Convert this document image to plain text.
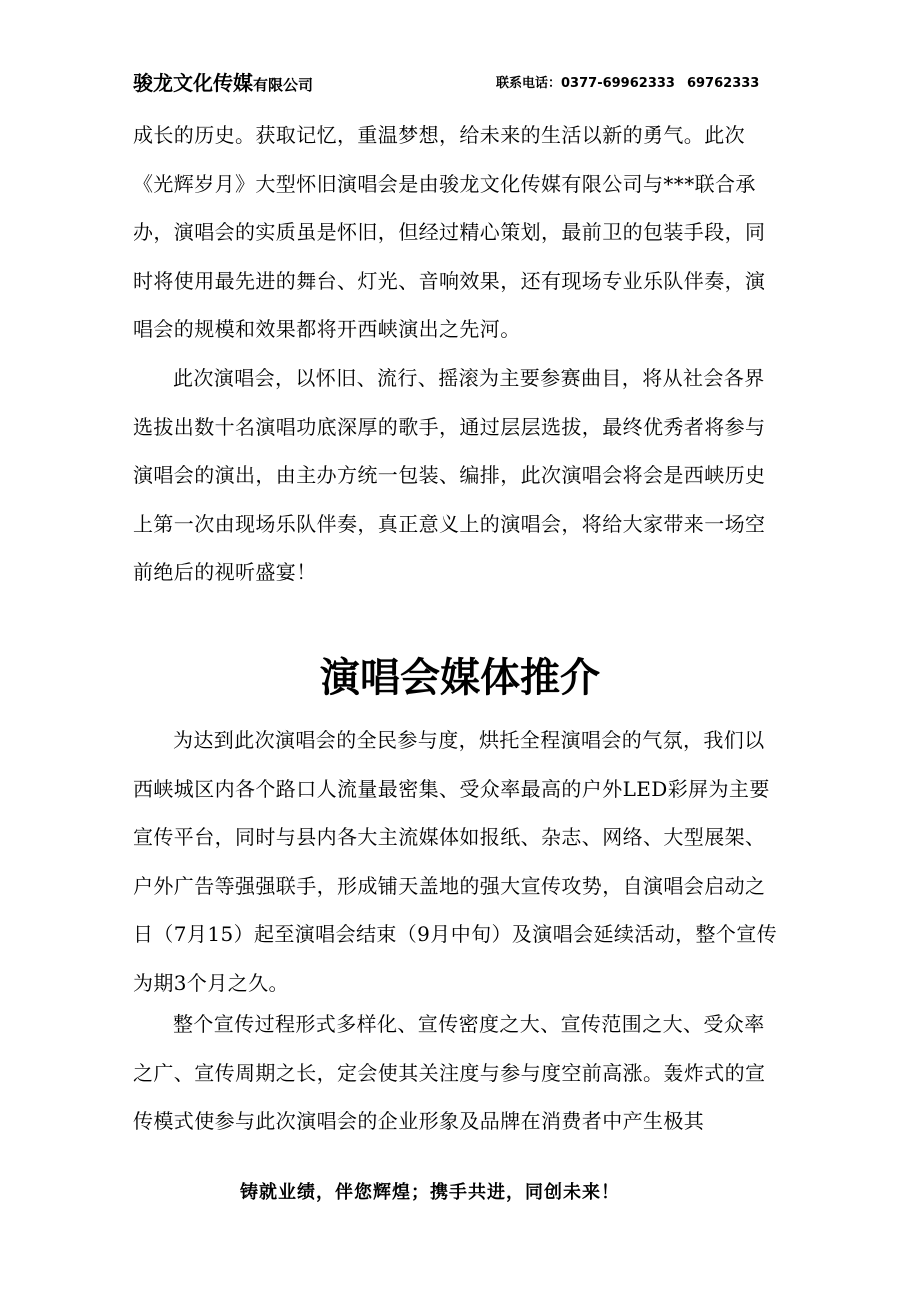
骏龙文化传媒有限公司	联系电话：0377-69962333 69762333

成长的历史。获取记忆，重温梦想，给未来的生活以新的勇气。此次《光辉岁月》大型怀旧演唱会是由骏龙文化传媒有限公司与***联合承办，演唱会的实质虽是怀旧，但经过精心策划，最前卫的包装手段，同时将使用最先进的舞台、灯光、音响效果，还有现场专业乐队伴奏，演唱会的规模和效果都将开西峡演出之先河。

此次演唱会，以怀旧、流行、摇滚为主要参赛曲目，将从社会各界选拔出数十名演唱功底深厚的歌手，通过层层选拔，最终优秀者将参与演唱会的演出，由主办方统一包装、编排，此次演唱会将会是西峡历史上第一次由现场乐队伴奏，真正意义上的演唱会，将给大家带来一场空前绝后的视听盛宴！

演唱会媒体推介

为达到此次演唱会的全民参与度，烘托全程演唱会的气氛，我们以西峡城区内各个路口人流量最密集、受众率最高的户外LED彩屏为主要宣传平台，同时与县内各大主流媒体如报纸、杂志、网络、大型展架、户外广告等强强联手，形成铺天盖地的强大宣传攻势，自演唱会启动之日（7月15）起至演唱会结束（9月中旬）及演唱会延续活动，整个宣传为期3个月之久。

整个宣传过程形式多样化、宣传密度之大、宣传范围之大、受众率之广、宣传周期之长，定会使其关注度与参与度空前高涨。轰炸式的宣传模式使参与此次演唱会的企业形象及品牌在消费者中产生极其

铸就业绩，伴您辉煌；携手共进，同创未来！
